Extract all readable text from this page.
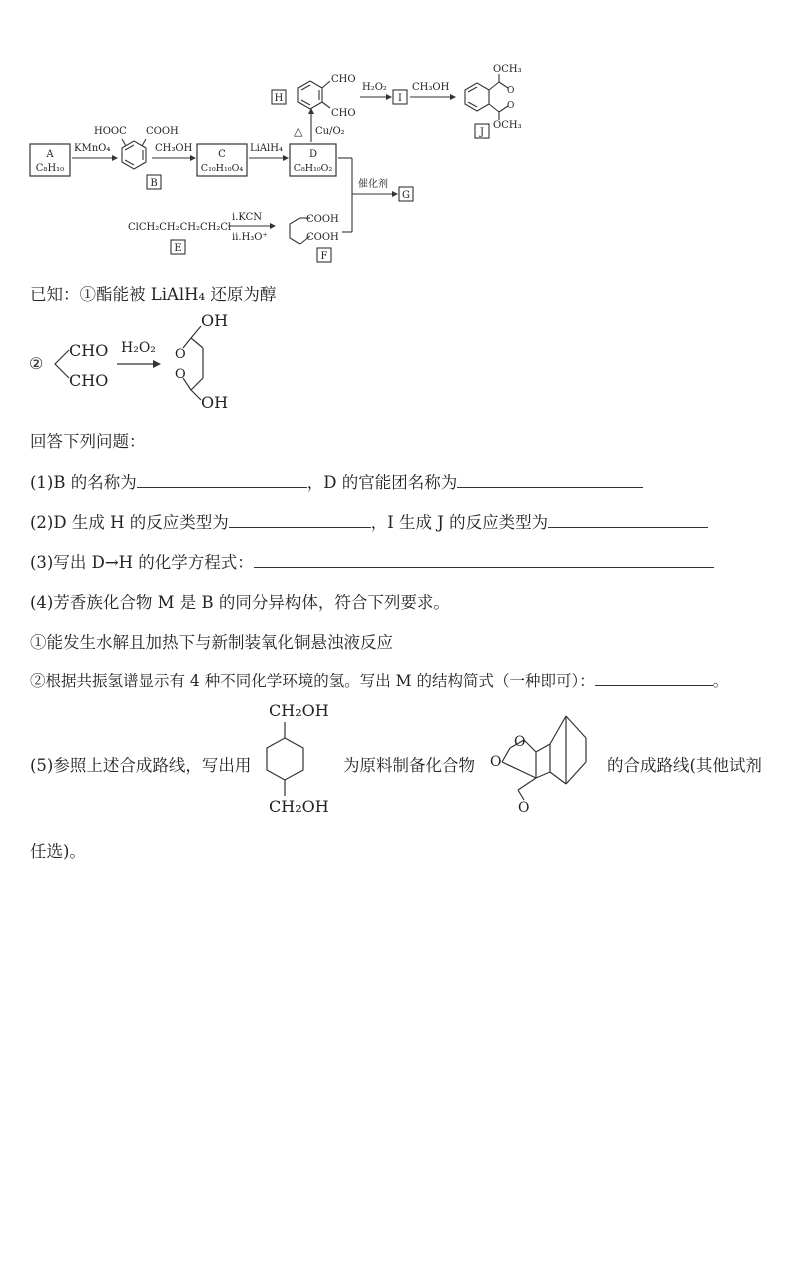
A
C₈H₁₀
KMnO₄
HOOC COOH
B
CH₃OH
C
C₁₀H₁₀O₄
LiAlH₄
D
C₈H₁₀O₂
Cu/O₂
△
H
CHO
CHO
H₂O₂
I
CH₃OH	O
O
OCH₃
OCH₃
J
催化剂
G
ClCH₂CH₂CH₂CH₂Cl
E
ⅰ.KCN
ⅱ.H₃O⁺
COOH
COOH
F
已知：①酯能被 LiAlH₄ 还原为醇
②
CHO
CHO
H₂O₂ O
O
OH
OH
回答下列问题：
(1)B 的名称为	，D 的官能团名称为
(2)D 生成 H 的反应类型为	，I 生成 J 的反应类型为
(3)写出 D→H 的化学方程式：
(4)芳香族化合物 M 是 B 的同分异构体，符合下列要求。
①能发生水解且加热下与新制装氧化铜悬浊液反应
②根据共振氢谱显示有 4 种不同化学环境的氢。写出 M 的结构简式（一种即可）：	。
(5)参照上述合成路线，写出用
CH₂OH
CH₂OH
为原料制备化合物
O
O
O
的合成路线(其他试剂
任选)。
